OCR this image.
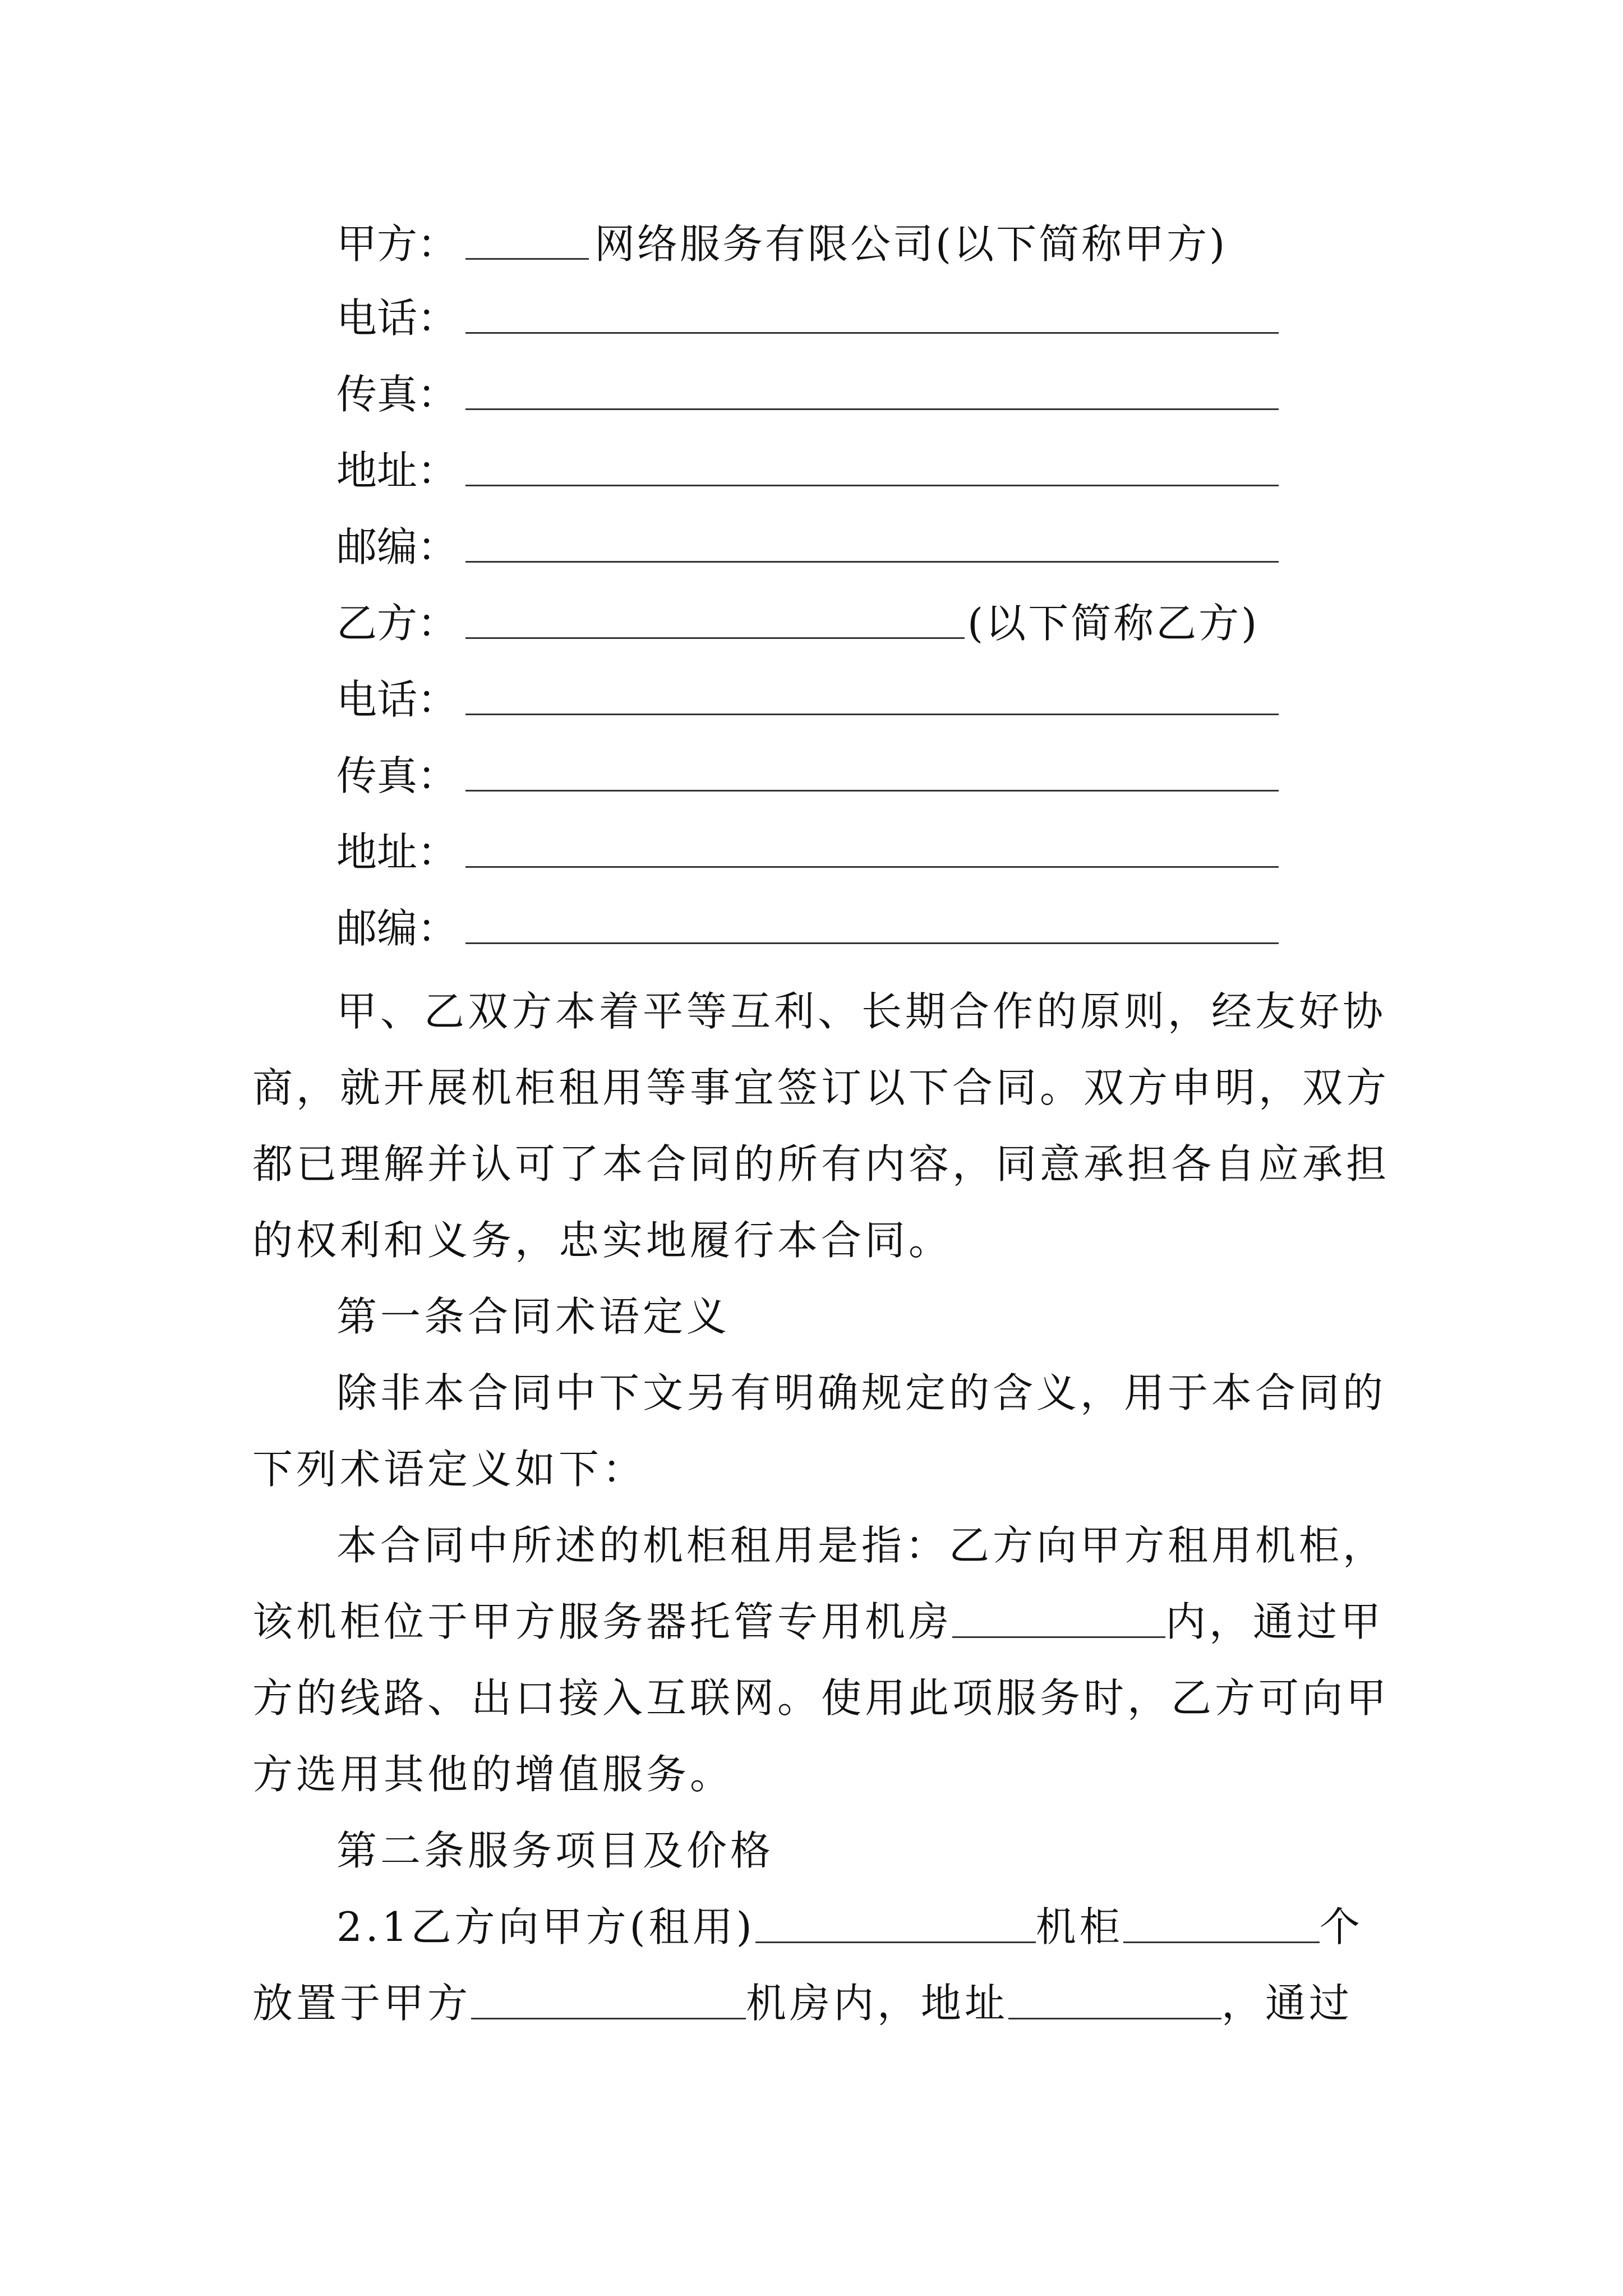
甲方：	网络服务有限公司(以下简称甲方)
电话：
传真：
地址：
邮编：
乙方：	(以下简称乙方)
电话：
传真：
地址：
邮编：
甲、乙双方本着平等互利、长期合作的原则，经友好协
商，就开展机柜租用等事宜签订以下合同。双方申明，双方
都已理解并认可了本合同的所有内容，同意承担各自应承担
的权利和义务，忠实地履行本合同。
第一条合同术语定义
除非本合同中下文另有明确规定的含义，用于本合同的
下列术语定义如下：
本合同中所述的机柜租用是指：乙方向甲方租用机柜，
该机柜位于甲方服务器托管专用机房	内，通过甲
方的线路、出口接入互联网。使用此项服务时，乙方可向甲
方选用其他的增值服务。
第二条服务项目及价格
2.1乙方向甲方(租用)	机柜	个
放置于甲方	机房内，地址	，通过
